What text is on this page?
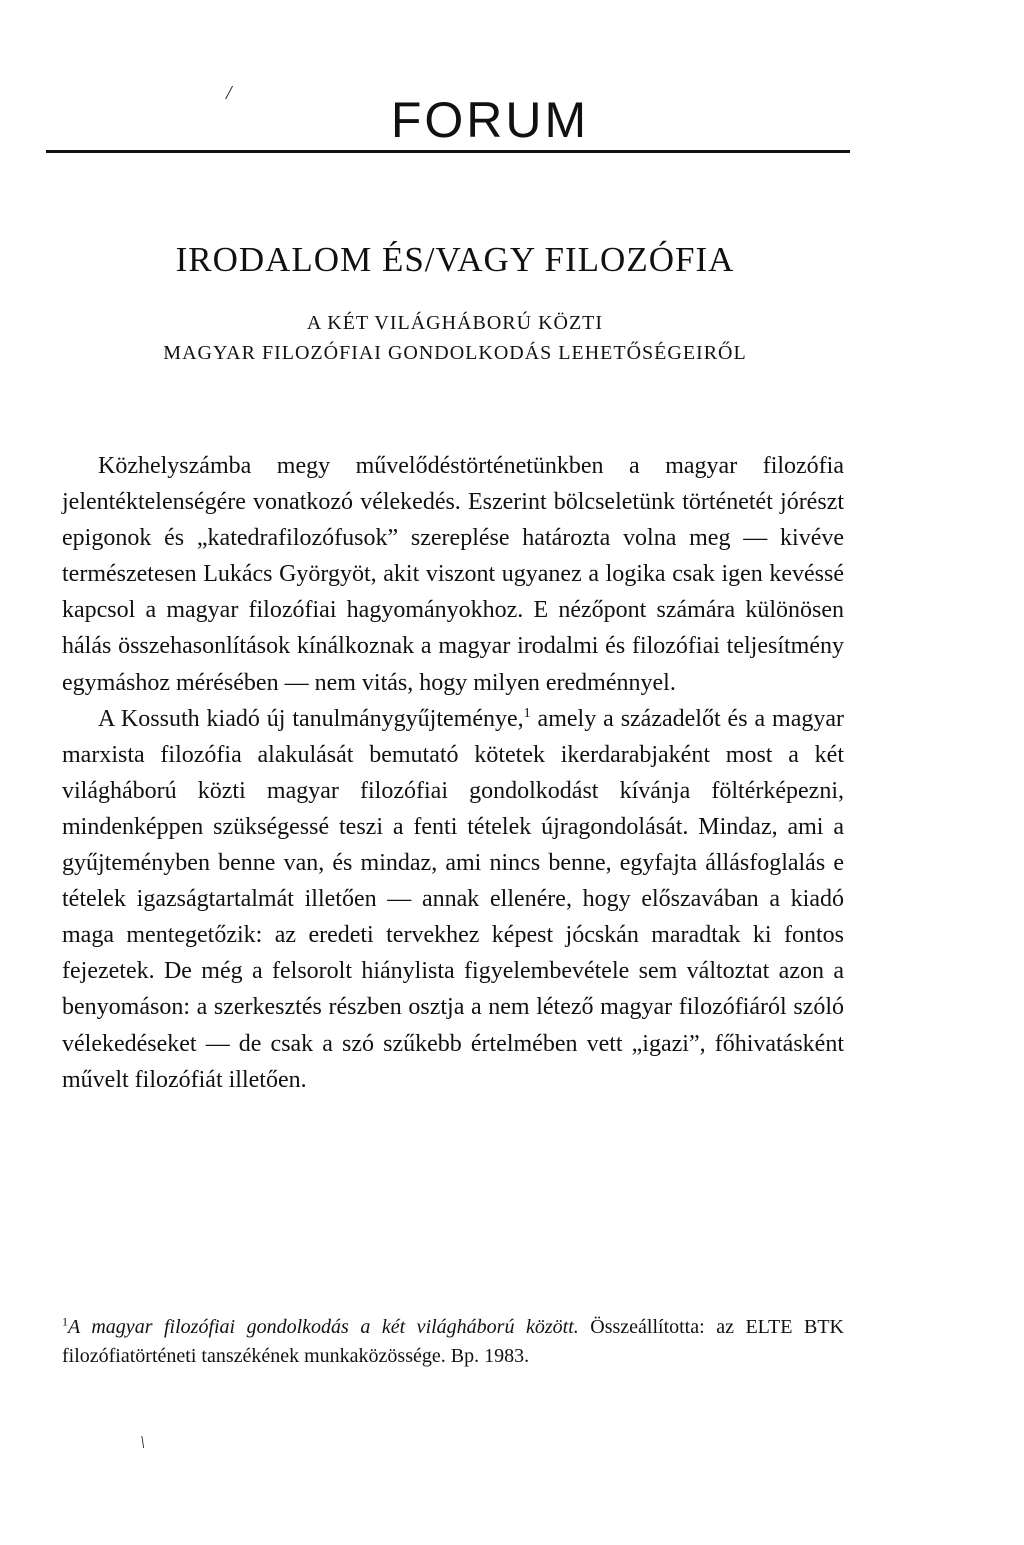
/	FORUM
IRODALOM ÉS/VAGY FILOZÓFIA
A KÉT VILÁGHÁBORÚ KÖZTI
MAGYAR FILOZÓFIAI GONDOLKODÁS LEHETŐSÉGEIRŐL

Közhelyszámba megy művelődéstörténetünkben a magyar filozófia jelentéktelenségére vonatkozó vélekedés. Eszerint bölcseletünk történetét jórészt epigonok és „katedrafilozófusok” szereplése határozta volna meg — kivéve természetesen Lukács Györgyöt, akit viszont ugyanez a logika csak igen kevéssé kapcsol a magyar filozófiai hagyományokhoz. E nézőpont számára különösen hálás összehasonlítások kínálkoznak a magyar irodalmi és filozófiai teljesítmény egymáshoz mérésében — nem vitás, hogy milyen eredménnyel.

A Kossuth kiadó új tanulmánygyűjteménye,$^1$ amely a századelőt és a magyar marxista filozófia alakulását bemutató kötetek ikerdarabjaként most a két világháború közti magyar filozófiai gondolkodást kívánja föltérképezni, mindenképpen szükségessé teszi a fenti tételek újragondolását. Mindaz, ami a gyűjteményben benne van, és mindaz, ami nincs benne, egyfajta állásfoglalás e tételek igazságtartalmát illetően — annak ellenére, hogy előszavában a kiadó maga mentegetőzik: az eredeti tervekhez képest jócskán maradtak ki fontos fejezetek. De még a felsorolt hiánylista figyelembevétele sem változtat azon a benyomáson: a szerkesztés részben osztja a nem létező magyar filozófiáról szóló vélekedéseket — de csak a szó szűkebb értelmében vett „igazi”, főhivatásként művelt filozófiát illetően.

$^1$A magyar filozófiai gondolkodás a két világháború között. Összeállította: az ELTE BTK filozófiatörténeti tanszékének munkaközössége. Bp. 1983.

\
